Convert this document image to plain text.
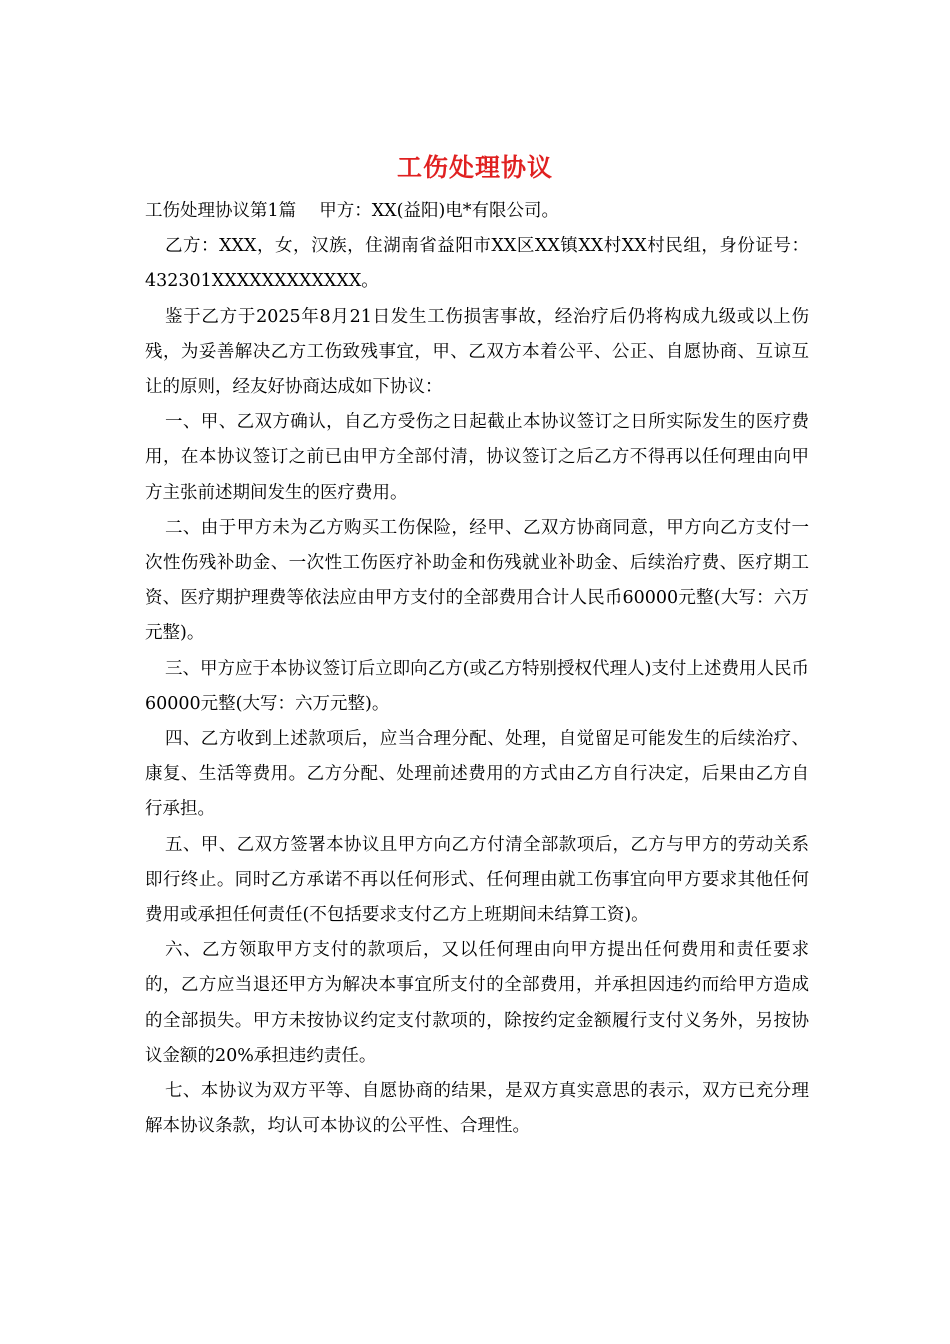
工伤处理协议

工伤处理协议第1篇　 甲方：XX(益阳)电*有限公司。

乙方：XXX，女，汉族，住湖南省益阳市XX区XX镇XX村XX村民组，身份证号：432301XXXXXXXXXXXX。

鉴于乙方于2025年8月21日发生工伤损害事故，经治疗后仍将构成九级或以上伤残，为妥善解决乙方工伤致残事宜，甲、乙双方本着公平、公正、自愿协商、互谅互让的原则，经友好协商达成如下协议：

一、甲、乙双方确认，自乙方受伤之日起截止本协议签订之日所实际发生的医疗费用，在本协议签订之前已由甲方全部付清，协议签订之后乙方不得再以任何理由向甲方主张前述期间发生的医疗费用。

二、由于甲方未为乙方购买工伤保险，经甲、乙双方协商同意，甲方向乙方支付一次性伤残补助金、一次性工伤医疗补助金和伤残就业补助金、后续治疗费、医疗期工资、医疗期护理费等依法应由甲方支付的全部费用合计人民币60000元整(大写：六万元整)。

三、甲方应于本协议签订后立即向乙方(或乙方特别授权代理人)支付上述费用人民币60000元整(大写：六万元整)。

四、乙方收到上述款项后，应当合理分配、处理，自觉留足可能发生的后续治疗、康复、生活等费用。乙方分配、处理前述费用的方式由乙方自行决定，后果由乙方自行承担。

五、甲、乙双方签署本协议且甲方向乙方付清全部款项后，乙方与甲方的劳动关系即行终止。同时乙方承诺不再以任何形式、任何理由就工伤事宜向甲方要求其他任何费用或承担任何责任(不包括要求支付乙方上班期间未结算工资)。

六、乙方领取甲方支付的款项后，又以任何理由向甲方提出任何费用和责任要求的，乙方应当退还甲方为解决本事宜所支付的全部费用，并承担因违约而给甲方造成的全部损失。甲方未按协议约定支付款项的，除按约定金额履行支付义务外，另按协议金额的20%承担违约责任。

七、本协议为双方平等、自愿协商的结果，是双方真实意思的表示，双方已充分理解本协议条款，均认可本协议的公平性、合理性。
